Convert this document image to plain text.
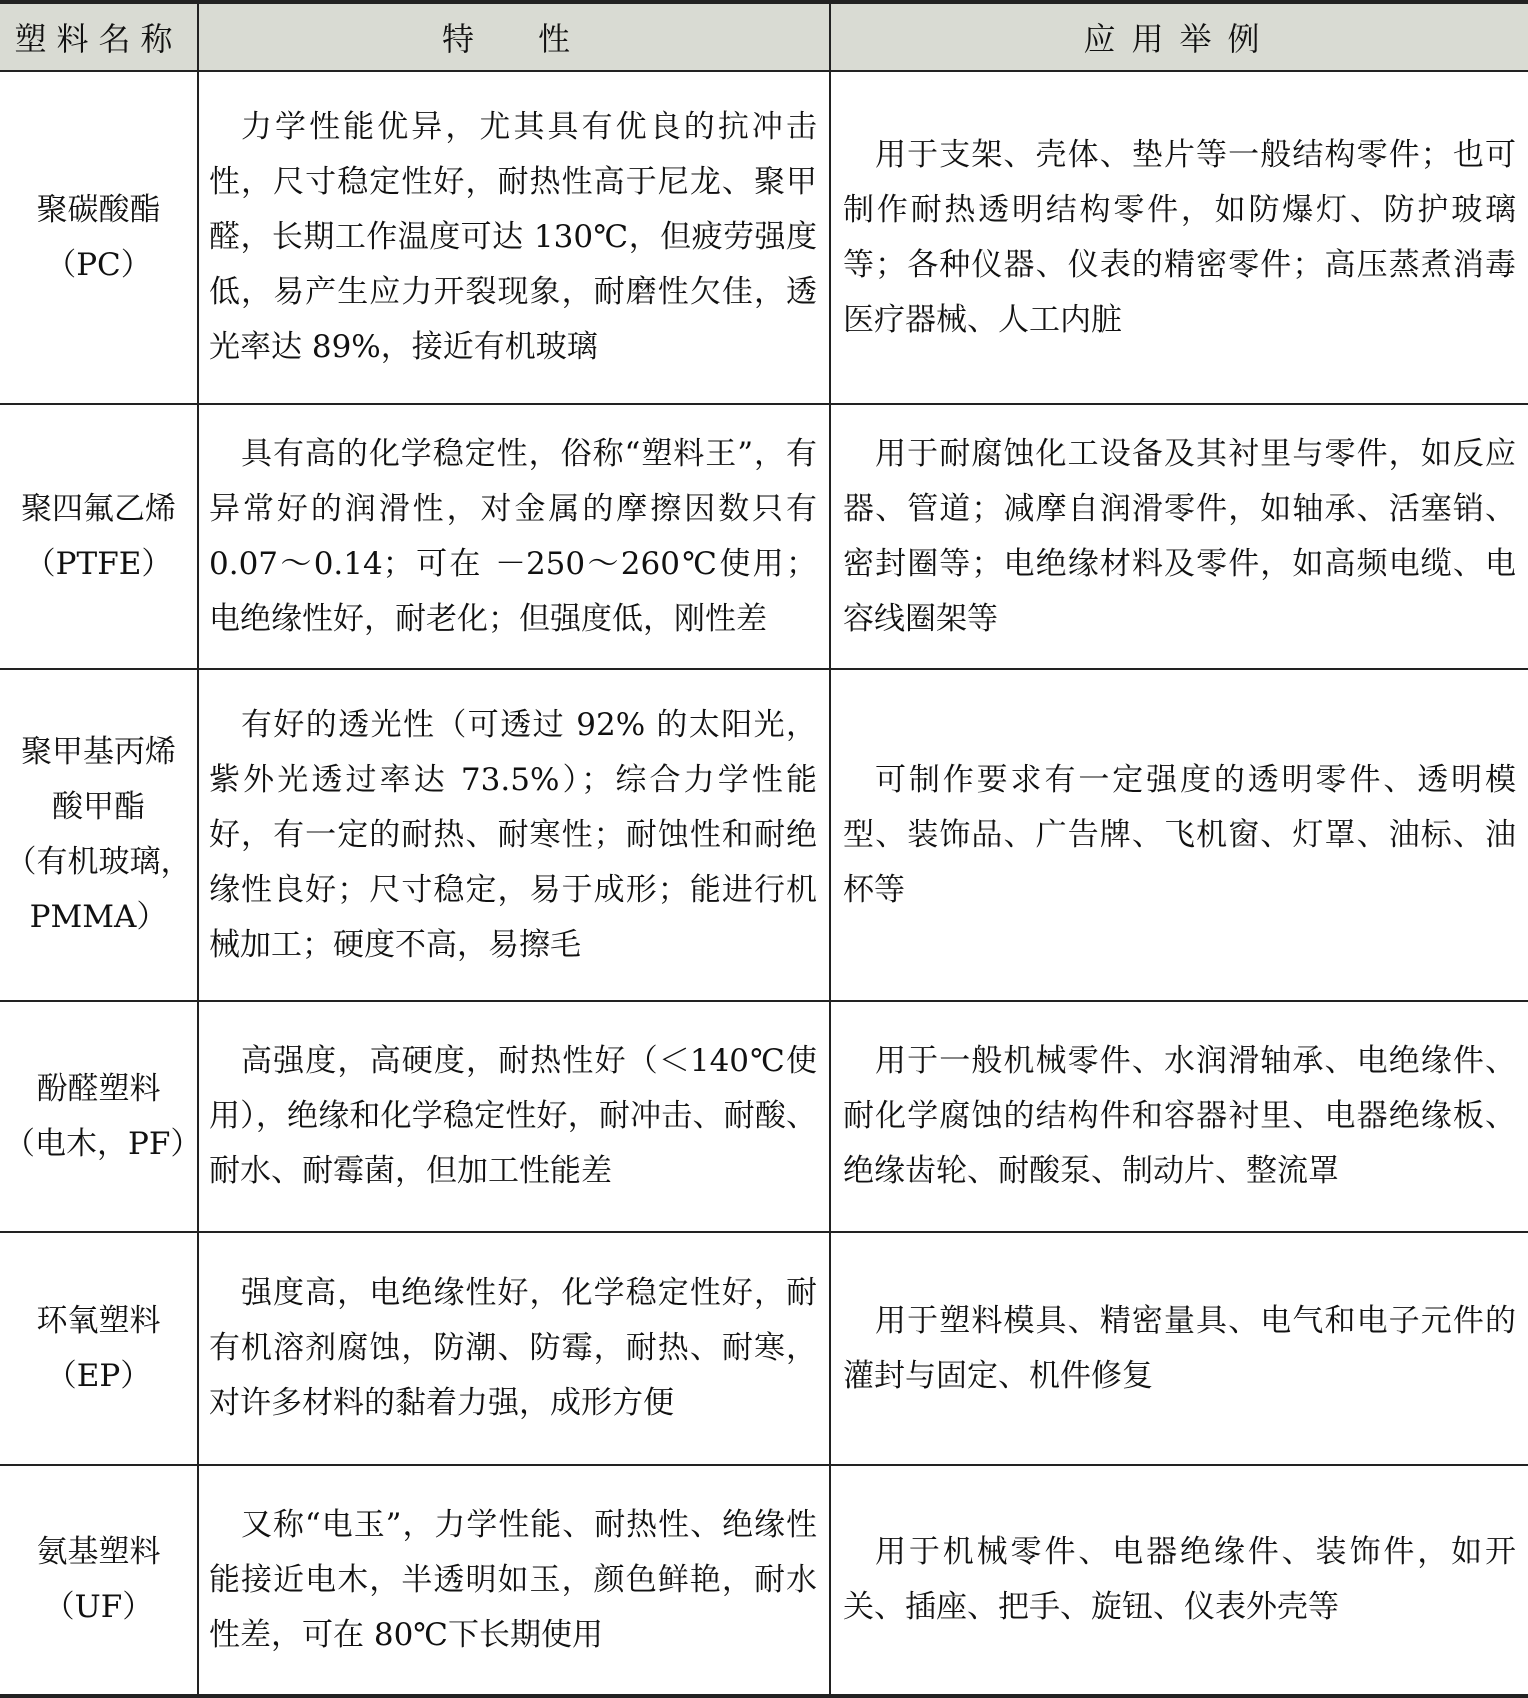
塑料名称	特　性	应用举例

聚碳酸酯
（PC）	力学性能优异，尤其具有优良的抗冲击性，尺寸稳定性好，耐热性高于尼龙、聚甲醛，长期工作温度可达 130℃，但疲劳强度低，易产生应力开裂现象，耐磨性欠佳，透光率达 89%，接近有机玻璃	用于支架、壳体、垫片等一般结构零件；也可制作耐热透明结构零件，如防爆灯、防护玻璃等；各种仪器、仪表的精密零件；高压蒸煮消毒医疗器械、人工内脏

聚四氟乙烯
（PTFE）	具有高的化学稳定性，俗称“塑料王”，有异常好的润滑性，对金属的摩擦因数只有 0.07～0.14；可在 －250～260℃使用；电绝缘性好，耐老化；但强度低，刚性差	用于耐腐蚀化工设备及其衬里与零件，如反应器、管道；减摩自润滑零件，如轴承、活塞销、密封圈等；电绝缘材料及零件，如高频电缆、电容线圈架等

聚甲基丙烯
酸甲酯
（有机玻璃，
PMMA）	有好的透光性（可透过 92% 的太阳光，紫外光透过率达 73.5%）；综合力学性能好，有一定的耐热、耐寒性；耐蚀性和耐绝缘性良好；尺寸稳定，易于成形；能进行机械加工；硬度不高，易擦毛	可制作要求有一定强度的透明零件、透明模型、装饰品、广告牌、飞机窗、灯罩、油标、油杯等

酚醛塑料
（电木，PF）	高强度，高硬度，耐热性好（＜140℃使用），绝缘和化学稳定性好，耐冲击、耐酸、耐水、耐霉菌，但加工性能差	用于一般机械零件、水润滑轴承、电绝缘件、耐化学腐蚀的结构件和容器衬里、电器绝缘板、绝缘齿轮、耐酸泵、制动片、整流罩

环氧塑料
（EP）	强度高，电绝缘性好，化学稳定性好，耐有机溶剂腐蚀，防潮、防霉，耐热、耐寒，对许多材料的黏着力强，成形方便	用于塑料模具、精密量具、电气和电子元件的灌封与固定、机件修复

氨基塑料
（UF）	又称“电玉”，力学性能、耐热性、绝缘性能接近电木，半透明如玉，颜色鲜艳，耐水性差，可在 80℃下长期使用	用于机械零件、电器绝缘件、装饰件，如开关、插座、把手、旋钮、仪表外壳等
